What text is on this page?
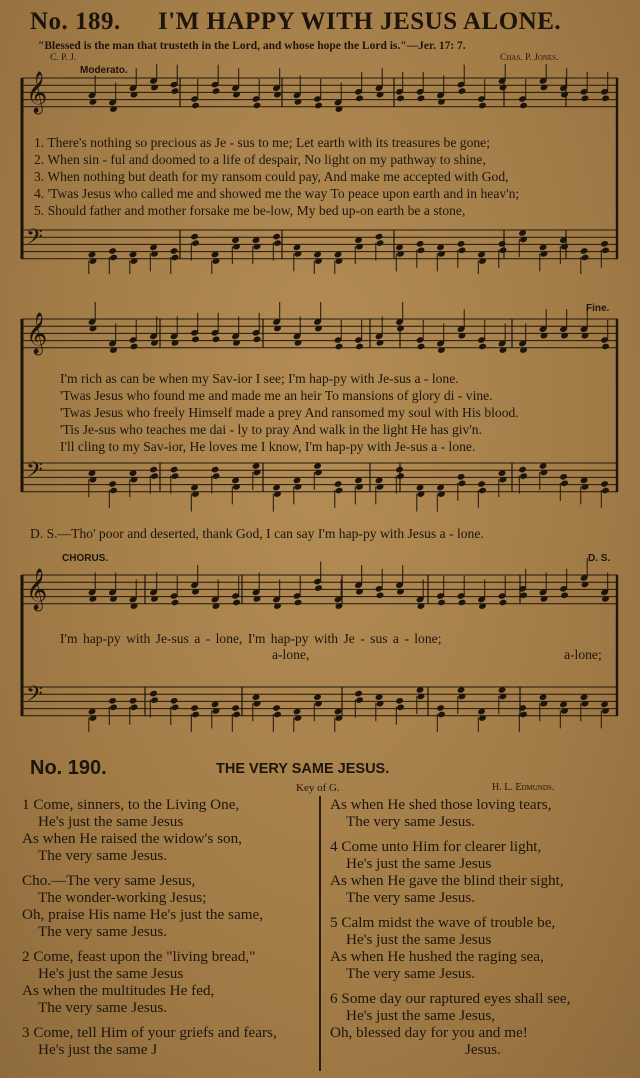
No. 189. I'M HAPPY WITH JESUS ALONE.
"Blessed is the man that trusteth in the Lord, and whose hope the Lord is."—Jer. 17: 7.
C. P. J.	Chas. P. Jones.
Moderato.
𝄞
𝄢
1. There's nothing so precious as Je - sus to me; Let earth with its treasures be gone;
2. When sin - ful and doomed to a life of despair, No light on my pathway to shine,
3. When nothing but death for my ransom could pay, And make me accepted with God,
4. 'Twas Jesus who called me and showed me the way To peace upon earth and in heav'n;
5. Should father and mother forsake me be-low, My bed up-on earth be a stone,
𝄞
𝄢
Fine.
I'm rich as can be when my Sav-ior I see; I'm hap-py with Je-sus a - lone.
'Twas Jesus who found me and made me an heir To mansions of glory di - vine.
'Twas Jesus who freely Himself made a prey And ransomed my soul with His blood.
'Tis Je-sus who teaches me dai - ly to pray And walk in the light He has giv'n.
I'll cling to my Sav-ior, He loves me I know, I'm hap-py with Je-sus a - lone.
D. S.—Tho' poor and deserted, thank God, I can say I'm hap-py with Jesus a - lone.
𝄞
𝄢
CHORUS.	D. S.
I'm hap-py with Je-sus a - lone, I'm hap-py with Je - sus a - lone;
a-lone,	a-lone;
No. 190.	THE VERY SAME JESUS.
Key of G.	H. L. Edmunds.
1 Come, sinners, to the Living One,
He's just the same Jesus
As when He raised the widow's son,
The very same Jesus.

Cho.—The very same Jesus,
The wonder-working Jesus;
Oh, praise His name He's just the same,
The very same Jesus.

2 Come, feast upon the "living bread,"
He's just the same Jesus
As when the multitudes He fed,
The very same Jesus.

3 Come, tell Him of your griefs and fears,
He's just the same J
As when He shed those loving tears,
The very same Jesus.

4 Come unto Him for clearer light,
He's just the same Jesus
As when He gave the blind their sight,
The very same Jesus.

5 Calm midst the wave of trouble be,
He's just the same Jesus
As when He hushed the raging sea,
The very same Jesus.

6 Some day our raptured eyes shall see,
He's just the same Jesus,
Oh, blessed day for you and me!
Jesus.
